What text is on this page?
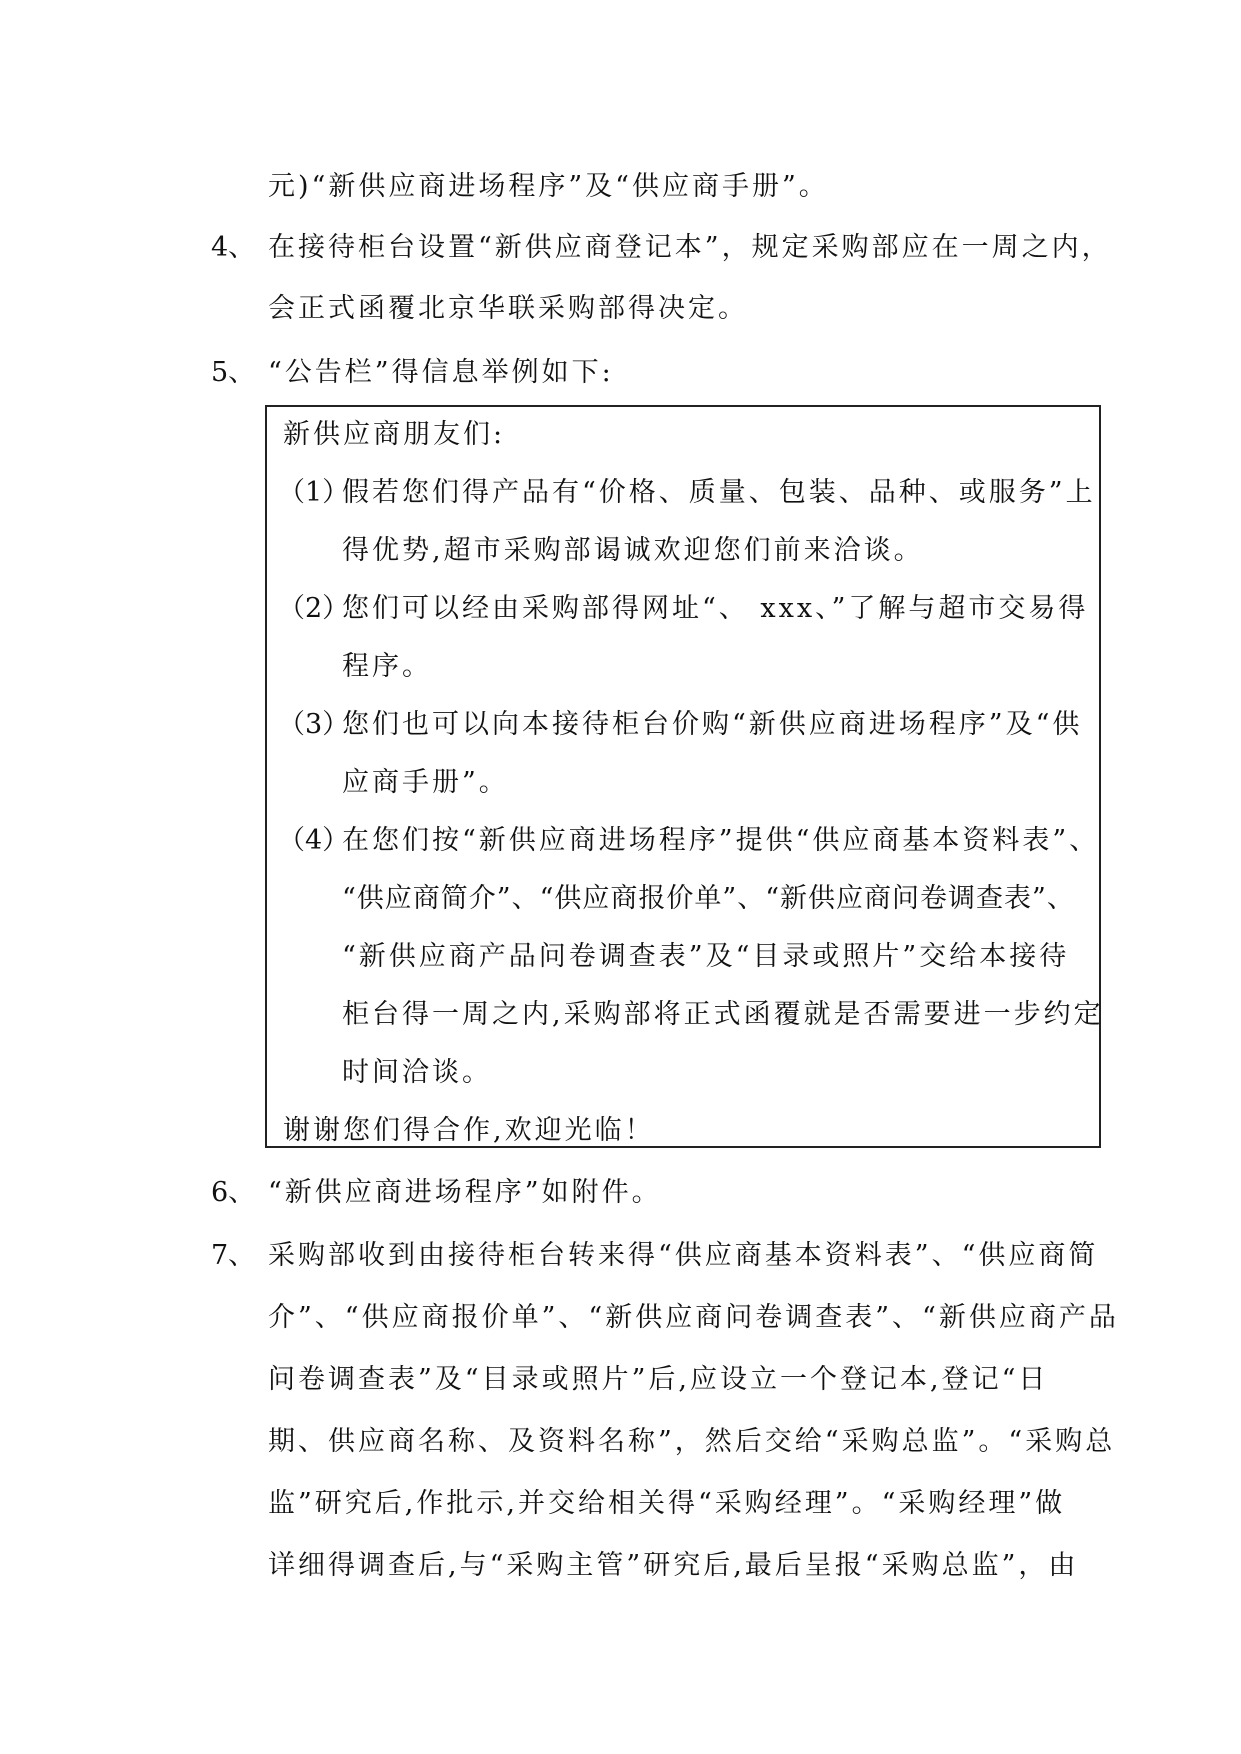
元)“新供应商进场程序”及“供应商手册”。
4、 在接待柜台设置“新供应商登记本”，规定采购部应在一周之内，
会正式函覆北京华联采购部得决定。
5、 “公告栏”得信息举例如下:
新供应商朋友们:
（1）
假若您们得产品有“价格、质量、包装、品种、或服务”上
得优势,超市采购部谒诚欢迎您们前来洽谈。
（2）
您们可以经由采购部得网址“、 xxx、”了解与超市交易得
程序。
（3）
您们也可以向本接待柜台价购“新供应商进场程序”及“供
应商手册”。
（4）
在您们按“新供应商进场程序”提供“供应商基本资料表”、
“供应商简介”、“供应商报价单”、“新供应商问卷调查表”、
“新供应商产品问卷调查表”及“目录或照片”交给本接待
柜台得一周之内,采购部将正式函覆就是否需要进一步约定
时间洽谈。
谢谢您们得合作,欢迎光临！
6、 “新供应商进场程序”如附件。
7、 采购部收到由接待柜台转来得“供应商基本资料表”、“供应商简
介”、“供应商报价单”、“新供应商问卷调查表”、“新供应商产品
问卷调查表”及“目录或照片”后,应设立一个登记本,登记“日
期、供应商名称、及资料名称”，然后交给“采购总监”。“采购总
监”研究后,作批示,并交给相关得“采购经理”。“采购经理”做
详细得调查后,与“采购主管”研究后,最后呈报“采购总监”，由
